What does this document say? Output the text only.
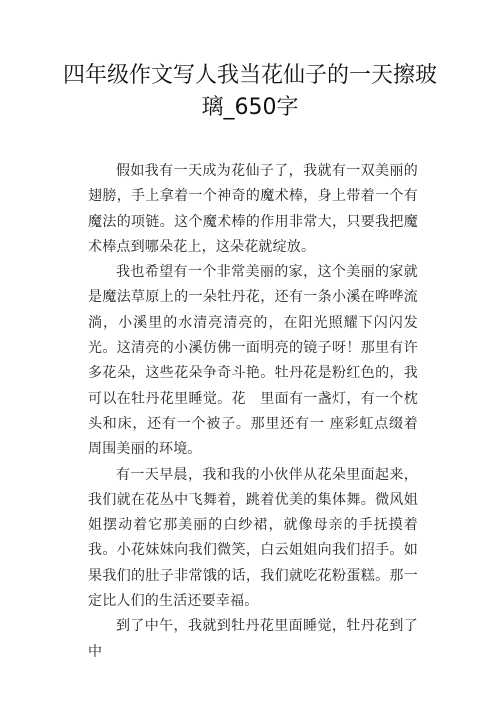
四年级作文写人我当花仙子的一天擦玻璃_650字

假如我有一天成为花仙子了，我就有一双美丽的翅膀，手上拿着一个神奇的魔术棒，身上带着一个有魔法的项链。这个魔术棒的作用非常大，只要我把魔术棒点到哪朵花上，这朵花就绽放。

我也希望有一个非常美丽的家，这个美丽的家就是魔法草原上的一朵牡丹花，还有一条小溪在哗哗流淌，小溪里的水清亮清亮的，在阳光照耀下闪闪发光。这清亮的小溪仿佛一面明亮的镜子呀！那里有许多花朵，这些花朵争奇斗艳。牡丹花是粉红色的，我可以在牡丹花里睡觉。花　里面有一盏灯，有一个枕头和床，还有一个被子。那里还有一 座彩虹点缀着周围美丽的环境。

有一天早晨，我和我的小伙伴从花朵里面起来，我们就在花丛中飞舞着，跳着优美的集体舞。微风姐姐摆动着它那美丽的白纱裙，就像母亲的手抚摸着我。小花妹妹向我们微笑，白云姐姐向我们招手。如果我们的肚子非常饿的话，我们就吃花粉蛋糕。那一定比人们的生活还要幸福。

到了中午，我就到牡丹花里面睡觉，牡丹花到了中
